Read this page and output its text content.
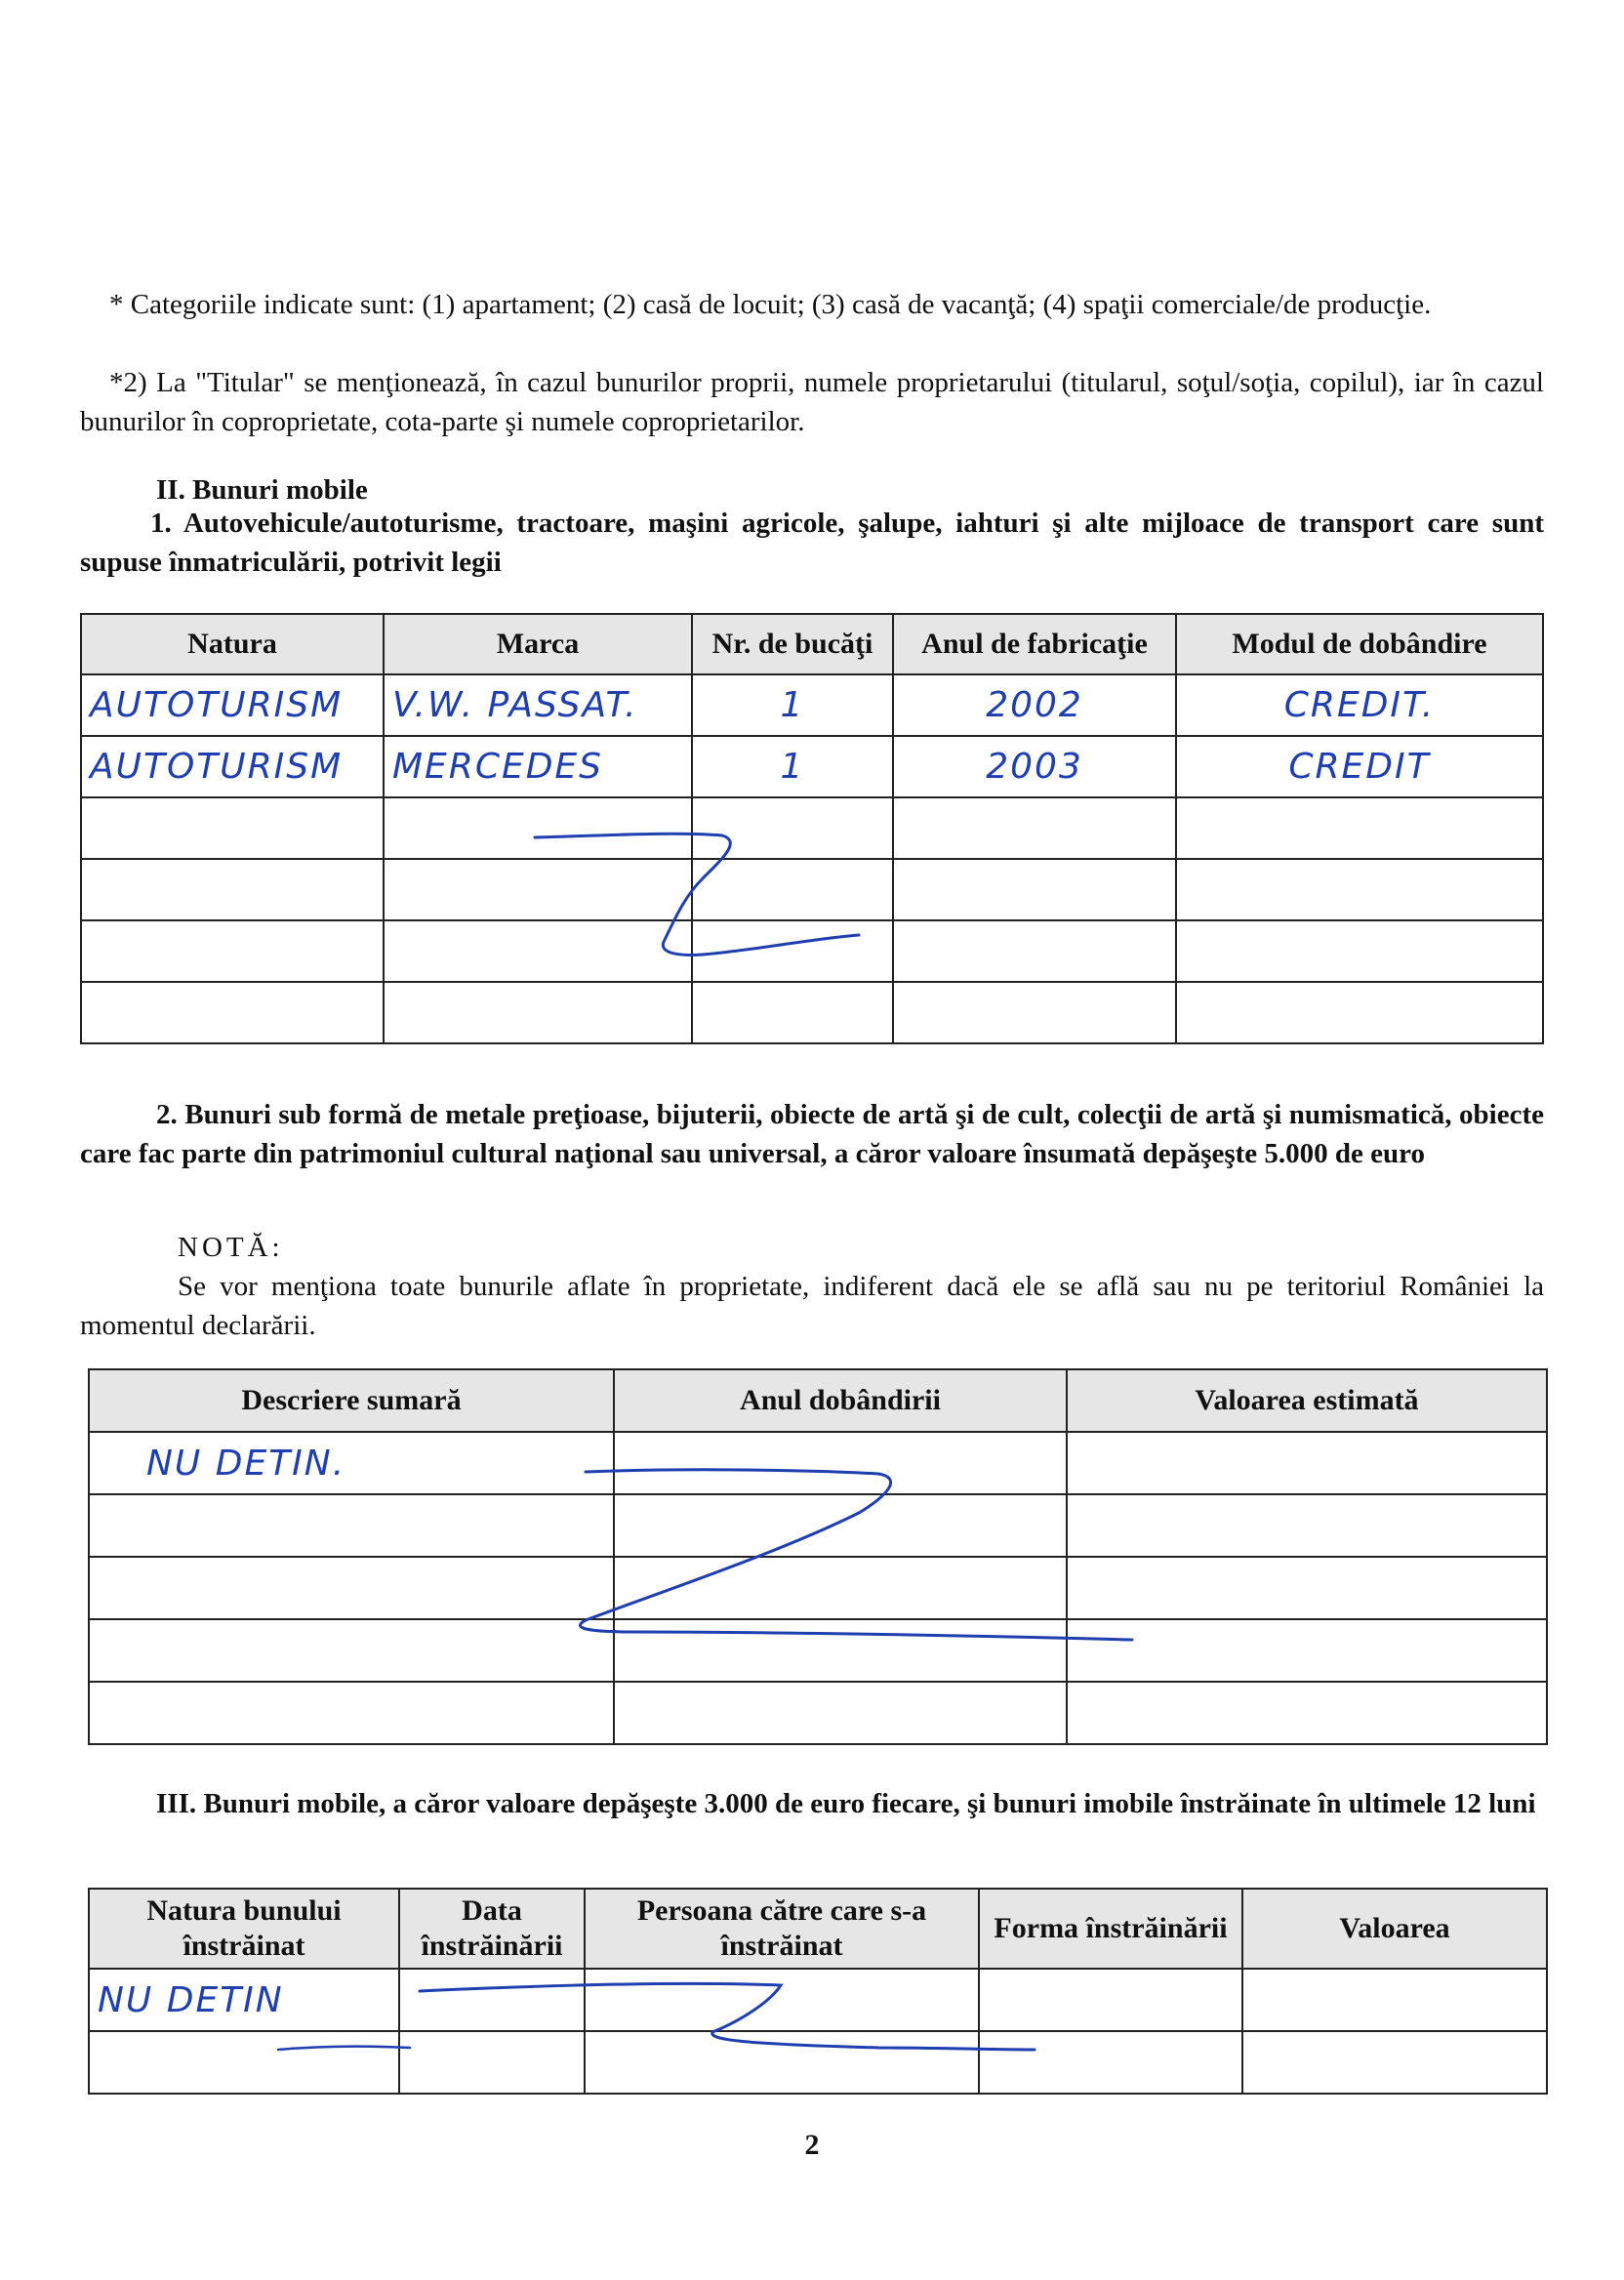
* Categoriile indicate sunt: (1) apartament; (2) casă de locuit; (3) casă de vacanţă; (4) spaţii comerciale/de producţie.
*2) La "Titular" se menţionează, în cazul bunurilor proprii, numele proprietarului (titularul, soţul/soţia, copilul), iar în cazul bunurilor în coproprietate, cota-parte şi numele coproprietarilor.
II. Bunuri mobile
1. Autovehicule/autoturisme, tractoare, maşini agricole, şalupe, iahturi şi alte mijloace de transport care sunt supuse înmatriculării, potrivit legii
Natura	Marca	Nr. de bucăţi	Anul de fabricaţie	Modul de dobândire
AUTOTURISM	V.W. PASSAT.	1	2002	CREDIT.

AUTOTURISM	MERCEDES	1	2003	CREDIT

2. Bunuri sub formă de metale preţioase, bijuterii, obiecte de artă şi de cult, colecţii de artă şi numismatică, obiecte care fac parte din patrimoniul cultural naţional sau universal, a căror valoare însumată depăşeşte 5.000 de euro
NOTĂ:
Se vor menţiona toate bunurile aflate în proprietate, indiferent dacă ele se află sau nu pe teritoriul României la momentul declarării.
Descriere sumară	Anul dobândirii	Valoarea estimată
NU DETIN.		

III. Bunuri mobile, a căror valoare depăşeşte 3.000 de euro fiecare, şi bunuri imobile înstrăinate în ultimele 12 luni
Natura bunului înstrăinat	Data înstrăinării	Persoana către care s-a înstrăinat	Forma înstrăinării	Valoarea
NU DETIN				

2
